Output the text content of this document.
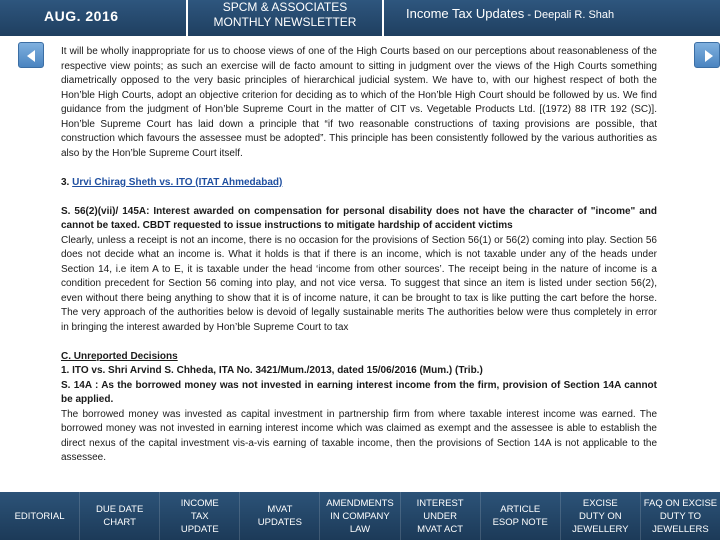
AUG. 2016
SPCM & ASSOCIATES
MONTHLY NEWSLETTER
Income Tax Updates - Deepali R. Shah

It will be wholly inappropriate for us to choose views of one of the High Courts based on our perceptions about reasonableness of the respective view points; as such an exercise will de facto amount to sitting in judgment over the views of the High Courts something diametrically opposed to the very basic principles of hierarchical judicial system. We have to, with our highest respect of both the Hon’ble High Courts, adopt an objective criterion for deciding as to which of the Hon’ble High Court should be followed by us. We find guidance from the judgment of Hon’ble Supreme Court in the matter of CIT vs. Vegetable Products Ltd. [(1972) 88 ITR 192 (SC)]. Hon’ble Supreme Court has laid down a principle that “if two reasonable constructions of taxing provisions are possible, that construction which favours the assessee must be adopted”. This principle has been consistently followed by the various authorities as also by the Hon’ble Supreme Court itself.

3. Urvi Chirag Sheth vs. ITO (ITAT Ahmedabad)

S. 56(2)(vii)/ 145A: Interest awarded on compensation for personal disability does not have the character of "income" and cannot be taxed. CBDT requested to issue instructions to mitigate hardship of accident victims

Clearly, unless a receipt is not an income, there is no occasion for the provisions of Section 56(1) or 56(2) coming into play. Section 56 does not decide what an income is. What it holds is that if there is an income, which is not taxable under any of the heads under Section 14, i.e item A to E, it is taxable under the head ‘income from other sources’. The receipt being in the nature of income is a condition precedent for Section 56 coming into play, and not vice versa. To suggest that since an item is listed under section 56(2), even without there being anything to show that it is of income nature, it can be brought to tax is like putting the cart before the horse. The very approach of the authorities below is devoid of legally sustainable merits The authorities below were thus completely in error in bringing the interest awarded by Hon’ble Supreme Court to tax

C. Unreported Decisions

1. ITO vs. Shri Arvind S. Chheda, ITA No. 3421/Mum./2013, dated 15/06/2016 (Mum.) (Trib.)

S. 14A : As the borrowed money was not invested in earning interest income from the firm, provision of Section 14A cannot be applied.

The borrowed money was invested as capital investment in partnership firm from where taxable interest income was earned. The borrowed money was not invested in earning interest income which was claimed as exempt and the assessee is able to establish the direct nexus of the capital investment vis-a-vis earning of taxable income, then the provisions of Section 14A is not applicable to the assessee.

EDITORIAL
DUE DATE
CHART
INCOME
TAX
UPDATE
MVAT
UPDATES
AMENDMENTS
IN COMPANY
LAW
INTEREST
UNDER
MVAT ACT
ARTICLE
ESOP NOTE
EXCISE
DUTY ON
JEWELLERY
FAQ ON EXCISE
DUTY TO
JEWELLERS
